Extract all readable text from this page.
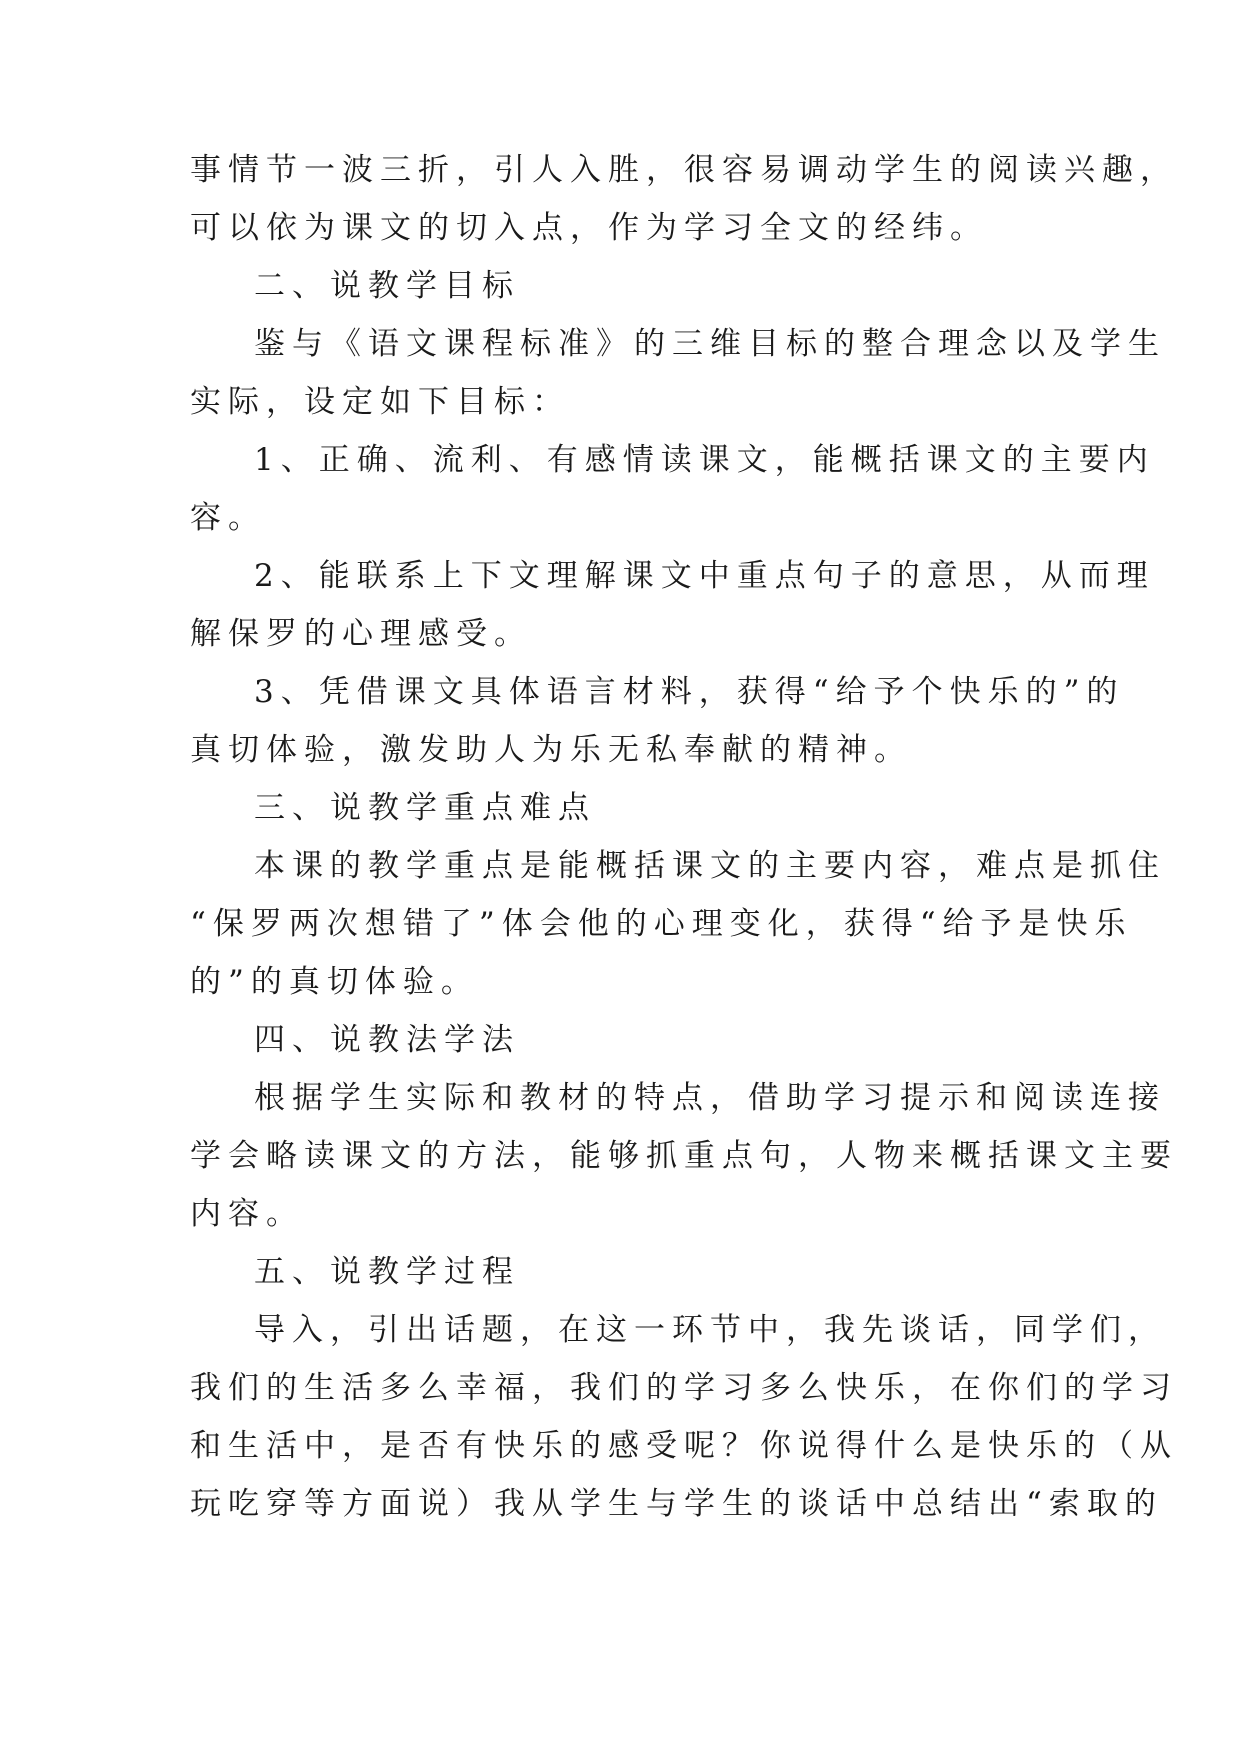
事情节一波三折，引人入胜，很容易调动学生的阅读兴趣，
可以依为课文的切入点，作为学习全文的经纬。
二、说教学目标
鉴与《语文课程标准》的三维目标的整合理念以及学生
实际，设定如下目标：
1、正确、流利、有感情读课文，能概括课文的主要内
容。
2、能联系上下文理解课文中重点句子的意思，从而理
解保罗的心理感受。
3、凭借课文具体语言材料，获得“给予个快乐的”的
真切体验，激发助人为乐无私奉献的精神。
三、说教学重点难点
本课的教学重点是能概括课文的主要内容，难点是抓住
“保罗两次想错了”体会他的心理变化，获得“给予是快乐
的”的真切体验。
四、说教法学法
根据学生实际和教材的特点，借助学习提示和阅读连接
学会略读课文的方法，能够抓重点句，人物来概括课文主要
内容。
五、说教学过程
导入，引出话题，在这一环节中，我先谈话，同学们，
我们的生活多么幸福，我们的学习多么快乐，在你们的学习
和生活中，是否有快乐的感受呢？你说得什么是快乐的（从
玩吃穿等方面说）我从学生与学生的谈话中总结出“索取的
